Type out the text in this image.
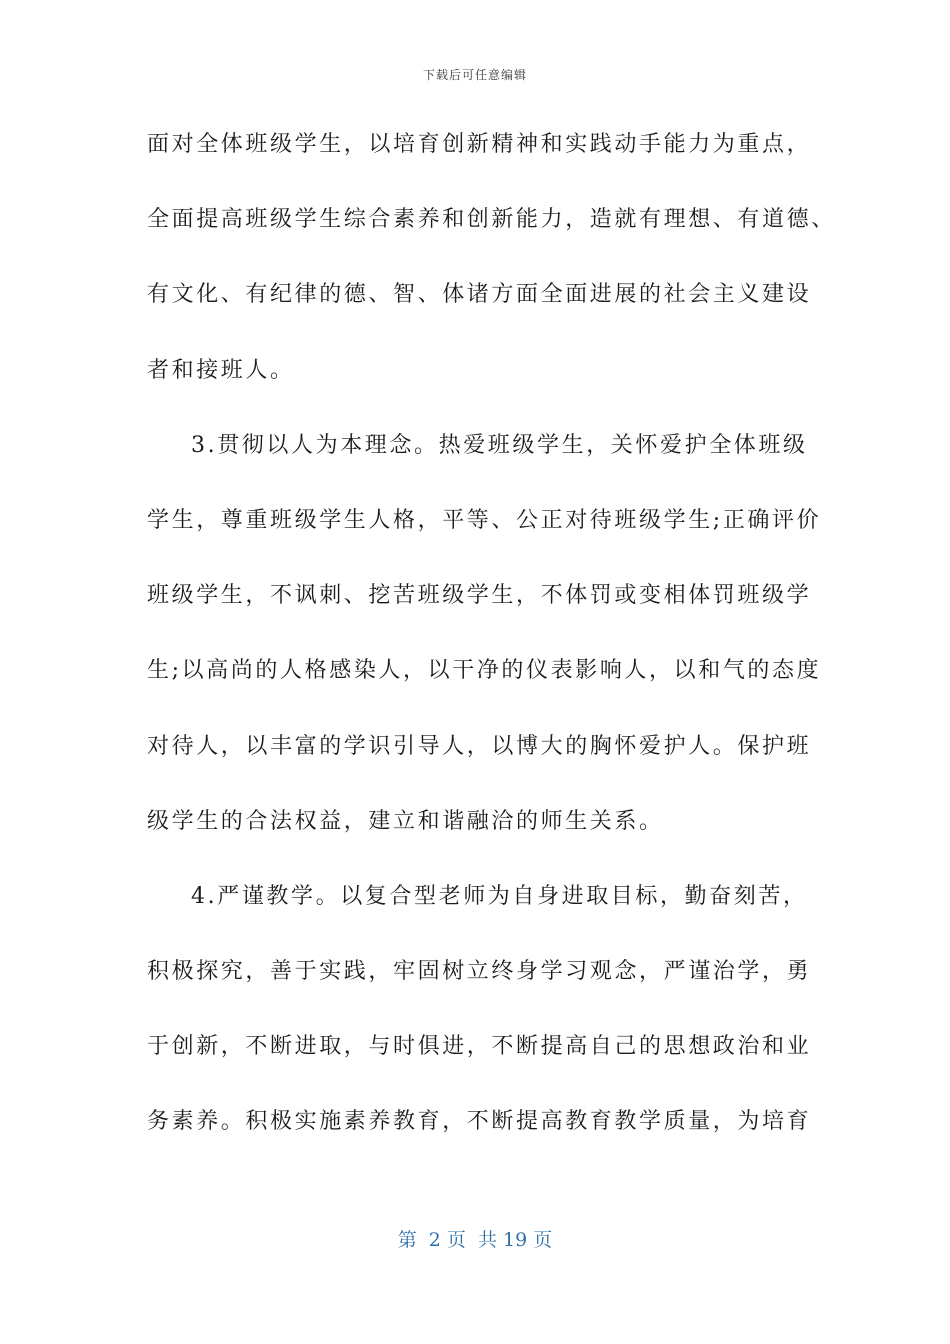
下载后可任意编辑
面对全体班级学生，以培育创新精神和实践动手能力为重点，
全面提高班级学生综合素养和创新能力，造就有理想、有道德、
有文化、有纪律的德、智、体诸方面全面进展的社会主义建设
者和接班人。
3.贯彻以人为本理念。热爱班级学生，关怀爱护全体班级
学生，尊重班级学生人格，平等、公正对待班级学生;正确评价
班级学生，不讽刺、挖苦班级学生，不体罚或变相体罚班级学
生;以高尚的人格感染人，以干净的仪表影响人，以和气的态度
对待人，以丰富的学识引导人，以博大的胸怀爱护人。保护班
级学生的合法权益，建立和谐融洽的师生关系。
4.严谨教学。以复合型老师为自身进取目标，勤奋刻苦，
积极探究，善于实践，牢固树立终身学习观念，严谨治学，勇
于创新，不断进取，与时俱进，不断提高自己的思想政治和业
务素养。积极实施素养教育，不断提高教育教学质量，为培育
第  2 页  共 19 页
